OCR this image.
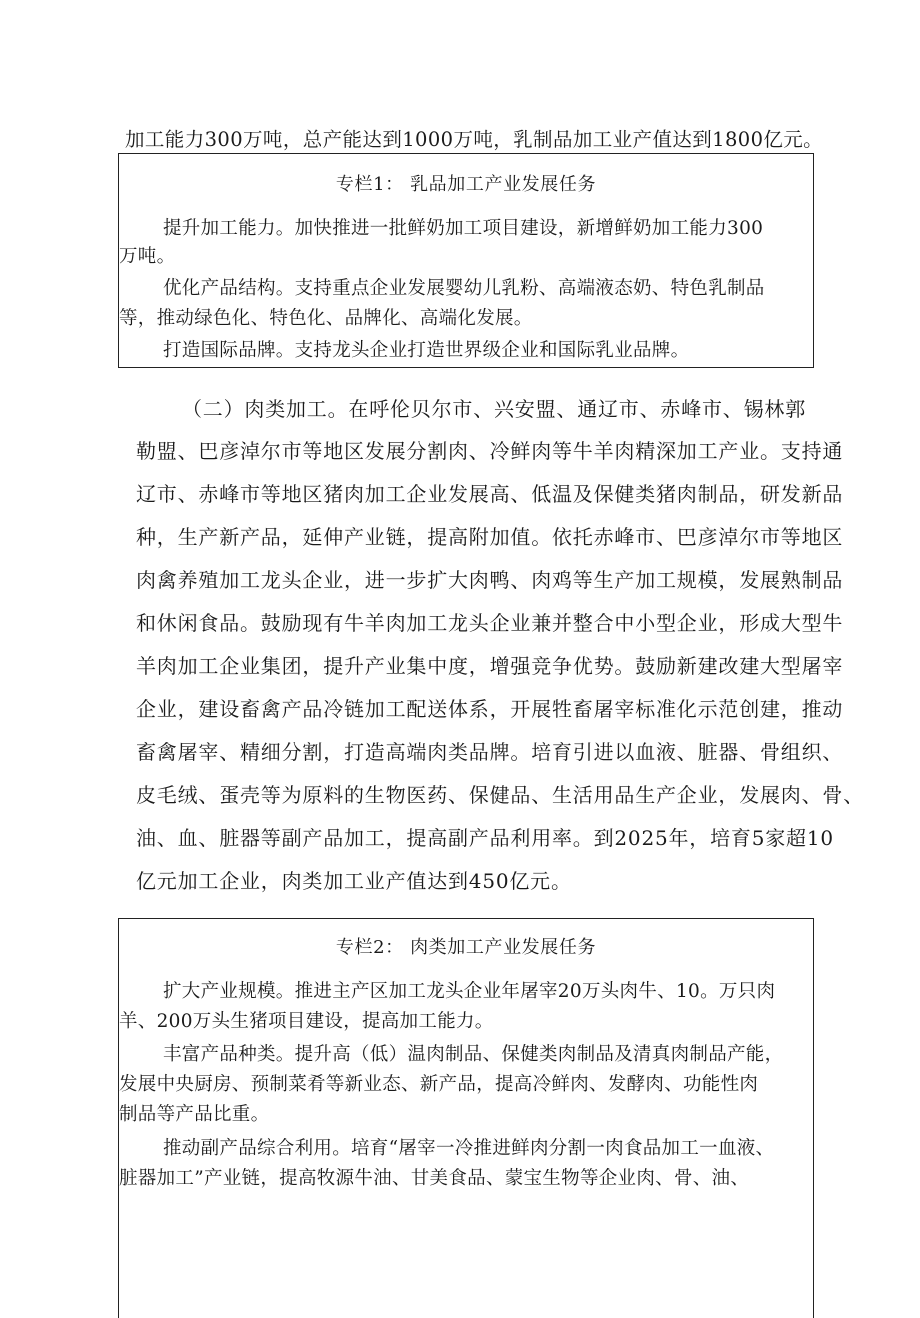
加工能力300万吨，总产能达到1000万吨，乳制品加工业产值达到1800亿元。
专栏1： 乳品加工产业发展任务
提升加工能力。加快推进一批鲜奶加工项目建设，新增鲜奶加工能力300
万吨。
优化产品结构。支持重点企业发展婴幼儿乳粉、高端液态奶、特色乳制品
等，推动绿色化、特色化、品牌化、高端化发展。
打造国际品牌。支持龙头企业打造世界级企业和国际乳业品牌。
（二）肉类加工。在呼伦贝尔市、兴安盟、通辽市、赤峰市、锡林郭
勒盟、巴彦淖尔市等地区发展分割肉、冷鲜肉等牛羊肉精深加工产业。支持通
辽市、赤峰市等地区猪肉加工企业发展高、低温及保健类猪肉制品，研发新品
种，生产新产品，延伸产业链，提高附加值。依托赤峰市、巴彦淖尔市等地区
肉禽养殖加工龙头企业，进一步扩大肉鸭、肉鸡等生产加工规模，发展熟制品
和休闲食品。鼓励现有牛羊肉加工龙头企业兼并整合中小型企业，形成大型牛
羊肉加工企业集团，提升产业集中度，增强竞争优势。鼓励新建改建大型屠宰
企业，建设畜禽产品冷链加工配送体系，开展牲畜屠宰标准化示范创建，推动
畜禽屠宰、精细分割，打造高端肉类品牌。培育引进以血液、脏器、骨组织、
皮毛绒、蛋壳等为原料的生物医药、保健品、生活用品生产企业，发展肉、骨、
油、血、脏器等副产品加工，提高副产品利用率。到2025年，培育5家超10
亿元加工企业，肉类加工业产值达到450亿元。
专栏2： 肉类加工产业发展任务
扩大产业规模。推进主产区加工龙头企业年屠宰20万头肉牛、10。万只肉
羊、200万头生猪项目建设，提高加工能力。
丰富产品种类。提升高（低）温肉制品、保健类肉制品及清真肉制品产能，
发展中央厨房、预制菜肴等新业态、新产品，提高冷鲜肉、发酵肉、功能性肉
制品等产品比重。
推动副产品综合利用。培育“屠宰一冷推进鲜肉分割一肉食品加工一血液、
脏器加工”产业链，提高牧源牛油、甘美食品、蒙宝生物等企业肉、骨、油、
